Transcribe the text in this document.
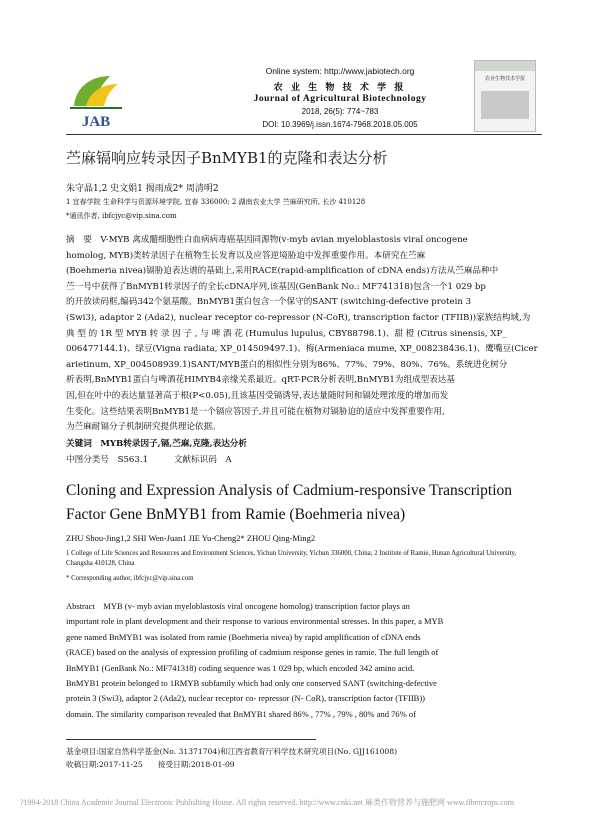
JAB
Online system: http://www.jabiotech.org
农 业 生 物 技 术 学 报
Journal of Agricultural Biotechnology
2018, 26(5): 774~783
DOI: 10.3969/j.issn.1674-7968.2018.05.005
农业生物技术学报
苎麻镉响应转录因子BnMYB1的克隆和表达分析
朱守晶1,2 史文娟1 揭雨成2* 周清明2
1 宜春学院 生命科学与资源环境学院, 宜春 336000; 2 湖南农业大学 苎麻研究所, 长沙 410128
*通讯作者, ibfcjyc@vip.sina.com
摘　要　V-MYB 禽成髓细胞性白血病病毒癌基因同源物(v-myb avian myeloblastosis viral oncogene
homolog, MYB)类转录因子在植物生长发育以及应答逆境胁迫中发挥重要作用。本研究在苎麻
(Boehmeria nivea)镉胁迫表达谱的基础上,采用RACE(rapid-amplification of cDNA ends)方法从苎麻品种中
苎一号中获得了BnMYB1转录因子的全长cDNA序列,该基因(GenBank No.: MF741318)包含一个1 029 bp
的开放读码框,编码342个氨基酸。BnMYB1蛋白包含一个保守的SANT (switching-defective protein 3
(Swi3), adaptor 2 (Ada2), nuclear receptor co-repressor (N-CoR), transcription factor (TFIIB))家族结构域,为
典 型 的 1R 型 MYB 转 录 因 子 , 与 啤 酒 花 (Humulus lupulus, CBY88798.1)、甜 橙 (Citrus sinensis, XP_
006477144.1)、绿豆(Vigna radiata, XP_014509497.1)、梅(Armeniaca mume, XP_008238436.1)、鹰嘴豆(Cicer
arietinum, XP_004508939.1)SANT/MYB蛋白的相似性分别为86%、77%、79%、80%、76%。系统进化树分
析表明,BnMYB1蛋白与啤酒花HIMYB4亲缘关系最近。qRT-PCR分析表明,BnMYB1为组成型表达基
因,但在叶中的表达量显著高于根(P<0.05),且该基因受镉诱导,表达量随时间和镉处理浓度的增加而发
生变化。这些结果表明BnMYB1是一个镉应答因子,并且可能在植物对镉胁迫的适应中发挥重要作用,
为苎麻耐镉分子机制研究提供理论依据。
关键词　MYB转录因子,镉,苎麻,克隆,表达分析
中图分类号　S563.1　　　文献标识码　A
Cloning and Expression Analysis of Cadmium-responsive Transcription Factor Gene BnMYB1 from Ramie (Boehmeria nivea)
ZHU Shou-Jing1,2 SHI Wen-Juan1 JIE Yu-Cheng2* ZHOU Qing-Ming2
1 College of Life Sciences and Resources and Environment Sciences, Yichun University, Yichun 336000, China; 2 Institute of Ramie, Hunan Agricultural University, Changsha 410128, China
* Corresponding author, ibfcjyc@vip.sina.com
Abstract　MYB (v- myb avian myeloblastosis viral oncogene homolog) transcription factor plays an
important role in plant development and their response to various environmental stresses. In this paper, a MYB
gene named BnMYB1 was isolated from ramie (Boehmeria nivea) by rapid amplification of cDNA ends
(RACE) based on the analysis of expression profiling of cadmium response genes in ramie. The full length of
BnMYB1 (GenBank No.: MF741318) coding sequence was 1 029 bp, which encoded 342 amino acid.
BnMYB1 protein belonged to 1RMYB subfamily which had only one conserved SANT (switching-defective
protein 3 (Swi3), adaptor 2 (Ada2), nuclear receptor co- repressor (N- CoR), transcription factor (TFIIB))
domain. The similarity comparison revealed that BnMYB1 shared 86% , 77% , 79% , 80% and 76% of
基金项目:国家自然科学基金(No. 31371704)和江西省教育厅科学技术研究项目(No. GJJ161008)
收稿日期:2017-11-25　　接受日期:2018-01-09
?1994-2018 China Academic Journal Electronic Publishing House. All rights reserved. http://www.cnki.net 麻类作物营养与施肥网 www.fibercrops.com
